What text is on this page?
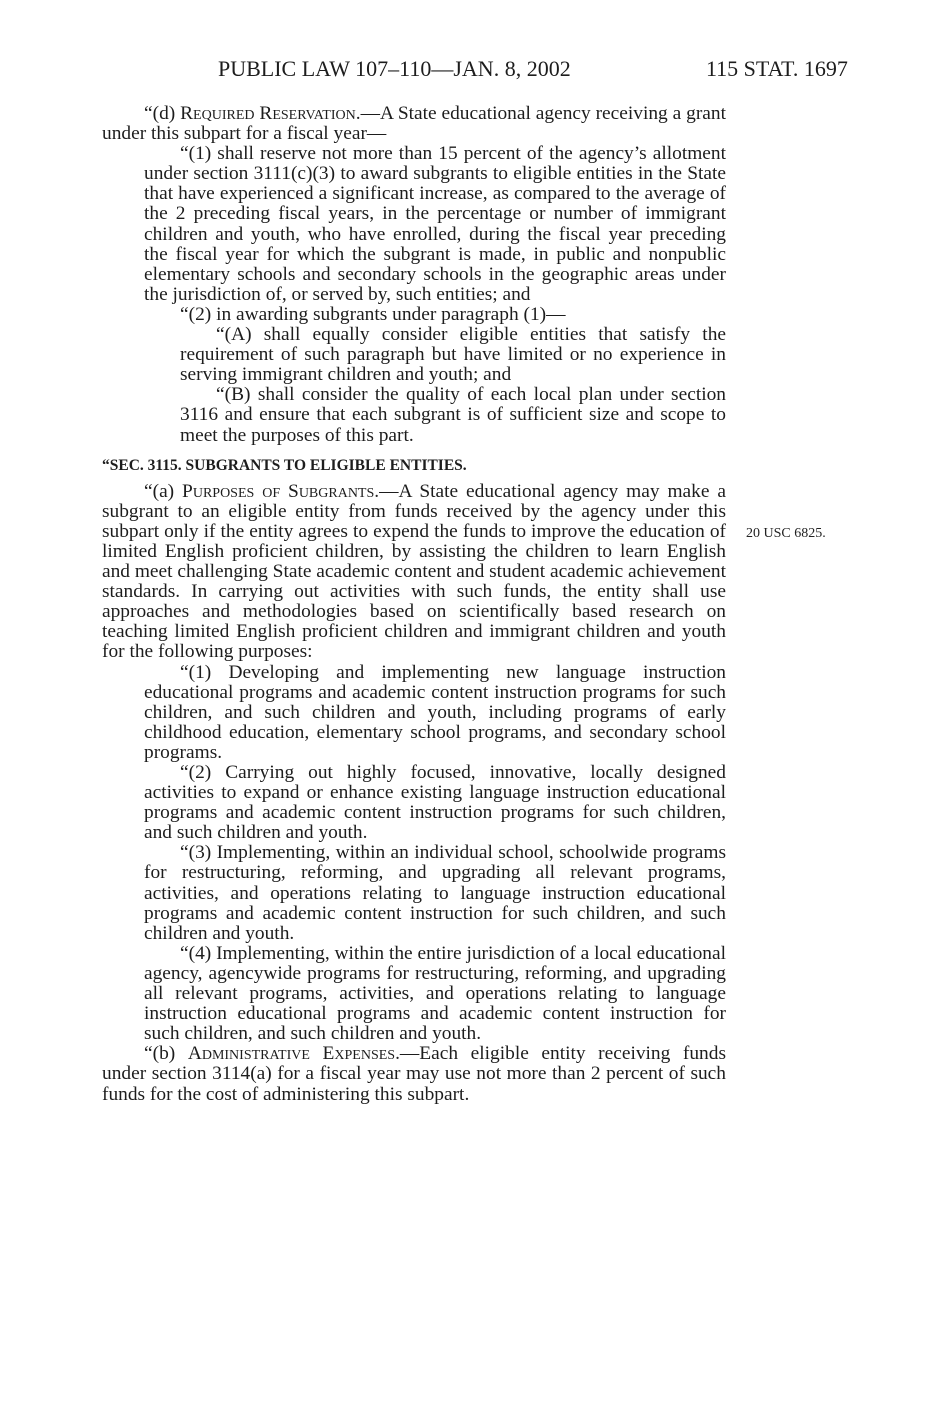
PUBLIC LAW 107–110—JAN. 8, 2002	115 STAT. 1697
20 USC 6825.

“(d) Required Reservation.—A State educational agency receiving a grant under this subpart for a fiscal year—

“(1) shall reserve not more than 15 percent of the agency’s allotment under section 3111(c)(3) to award subgrants to eligible entities in the State that have experienced a significant increase, as compared to the average of the 2 preceding fiscal years, in the percentage or number of immigrant children and youth, who have enrolled, during the fiscal year preceding the fiscal year for which the subgrant is made, in public and nonpublic elementary schools and secondary schools in the geographic areas under the jurisdiction of, or served by, such entities; and

“(2) in awarding subgrants under paragraph (1)—

“(A) shall equally consider eligible entities that satisfy the requirement of such paragraph but have limited or no experience in serving immigrant children and youth; and

“(B) shall consider the quality of each local plan under section 3116 and ensure that each subgrant is of sufficient size and scope to meet the purposes of this part.

“SEC. 3115. SUBGRANTS TO ELIGIBLE ENTITIES.

“(a) Purposes of Subgrants.—A State educational agency may make a subgrant to an eligible entity from funds received by the agency under this subpart only if the entity agrees to expend the funds to improve the education of limited English proficient children, by assisting the children to learn English and meet challenging State academic content and student academic achievement standards. In carrying out activities with such funds, the entity shall use approaches and methodologies based on scientifically based research on teaching limited English proficient children and immigrant children and youth for the following purposes:

“(1) Developing and implementing new language instruction educational programs and academic content instruction programs for such children, and such children and youth, including programs of early childhood education, elementary school programs, and secondary school programs.

“(2) Carrying out highly focused, innovative, locally designed activities to expand or enhance existing language instruction educational programs and academic content instruction programs for such children, and such children and youth.

“(3) Implementing, within an individual school, schoolwide programs for restructuring, reforming, and upgrading all relevant programs, activities, and operations relating to language instruction educational programs and academic content instruction for such children, and such children and youth.

“(4) Implementing, within the entire jurisdiction of a local educational agency, agencywide programs for restructuring, reforming, and upgrading all relevant programs, activities, and operations relating to language instruction educational programs and academic content instruction for such children, and such children and youth.

“(b) Administrative Expenses.—Each eligible entity receiving funds under section 3114(a) for a fiscal year may use not more than 2 percent of such funds for the cost of administering this subpart.
